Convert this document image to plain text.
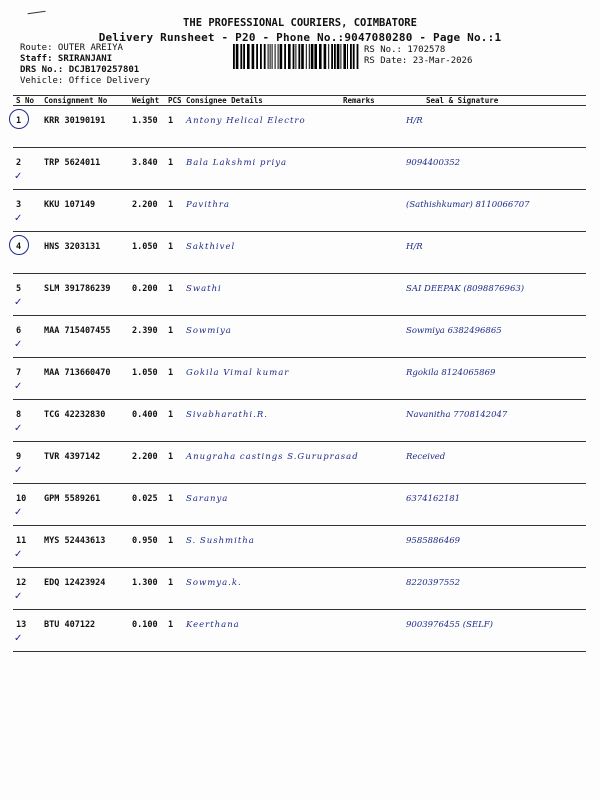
THE PROFESSIONAL COURIERS, COIMBATORE
Delivery Runsheet - P20 - Phone No.:9047080280 - Page No.:1
Route: OUTER AREIYA
Staff: SRIRANJANI
DRS No.: DCJB170257801
Vehicle: Office Delivery
RS No.: 1702578
RS Date: 23-Mar-2026
S No	Consignment No	Weight	PCS	Consignee Details	Remarks	Seal & Signature
1	KRR 30190191	1.350	1	Antony Helical Electro		H/R
2	TRP 5624011	3.840	1	Bala Lakshmi priya		9094400352
3	KKU 107149	2.200	1	Pavithra		(Sathishkumar) 8110066707
4	HNS 3203131	1.050	1	Sakthivel		H/R
5	SLM 391786239	0.200	1	Swathi		SAI DEEPAK (8098876963)
6	MAA 715407455	2.390	1	Sowmiya		Sowmiya 6382496865
7	MAA 713660470	1.050	1	Gokila Vimal kumar		Rgokila 8124065869
8	TCG 42232830	0.400	1	Sivabharathi.R.		Navanitha 7708142047
9	TVR 4397142	2.200	1	Anugraha castings S.Guruprasad		Received
10	GPM 5589261	0.025	1	Saranya		6374162181
11	MYS 52443613	0.950	1	S. Sushmitha		9585886469
12	EDQ 12423924	1.300	1	Sowmya.k.		8220397552
13	BTU 407122	0.100	1	Keerthana		9003976455 (SELF)
✓
✓
✓
✓
✓
✓
✓
✓
✓
✓
✓
